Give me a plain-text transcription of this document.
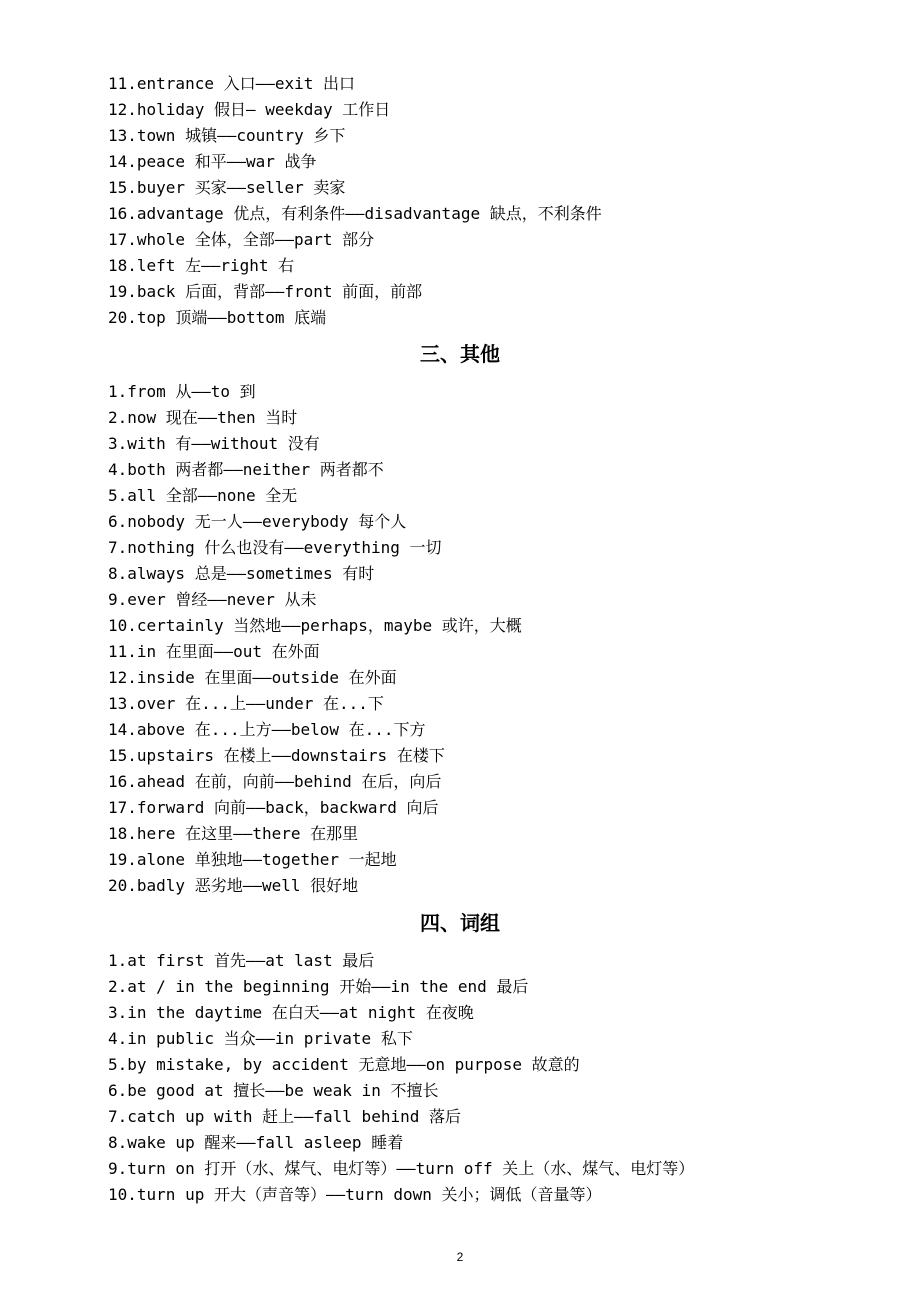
11.entrance 入口——exit 出口
12.holiday 假日— weekday 工作日
13.town 城镇——country 乡下
14.peace 和平——war 战争
15.buyer 买家——seller 卖家
16.advantage 优点，有利条件——disadvantage 缺点，不利条件
17.whole 全体，全部——part 部分
18.left 左——right 右
19.back 后面，背部——front 前面，前部
20.top 顶端——bottom 底端
三、其他
1.from 从——to 到
2.now 现在——then 当时
3.with 有——without 没有
4.both 两者都——neither 两者都不
5.all 全部——none 全无
6.nobody 无一人——everybody 每个人
7.nothing 什么也没有——everything 一切
8.always 总是——sometimes 有时
9.ever 曾经——never 从未
10.certainly 当然地——perhaps，maybe 或许，大概
11.in 在里面——out 在外面
12.inside 在里面——outside 在外面
13.over 在...上——under 在...下
14.above 在...上方——below 在...下方
15.upstairs 在楼上——downstairs 在楼下
16.ahead 在前，向前——behind 在后，向后
17.forward 向前——back，backward 向后
18.here 在这里——there 在那里
19.alone 单独地——together 一起地
20.badly 恶劣地——well 很好地
四、词组
1.at first 首先——at last 最后
2.at / in the beginning 开始——in the end 最后
3.in the daytime 在白天——at night 在夜晚
4.in public 当众——in private 私下
5.by mistake, by accident 无意地——on purpose 故意的
6.be good at 擅长——be weak in 不擅长
7.catch up with 赶上——fall behind 落后
8.wake up 醒来——fall asleep 睡着
9.turn on 打开（水、煤气、电灯等）——turn off 关上（水、煤气、电灯等）
10.turn up 开大（声音等）——turn down 关小；调低（音量等）
2
